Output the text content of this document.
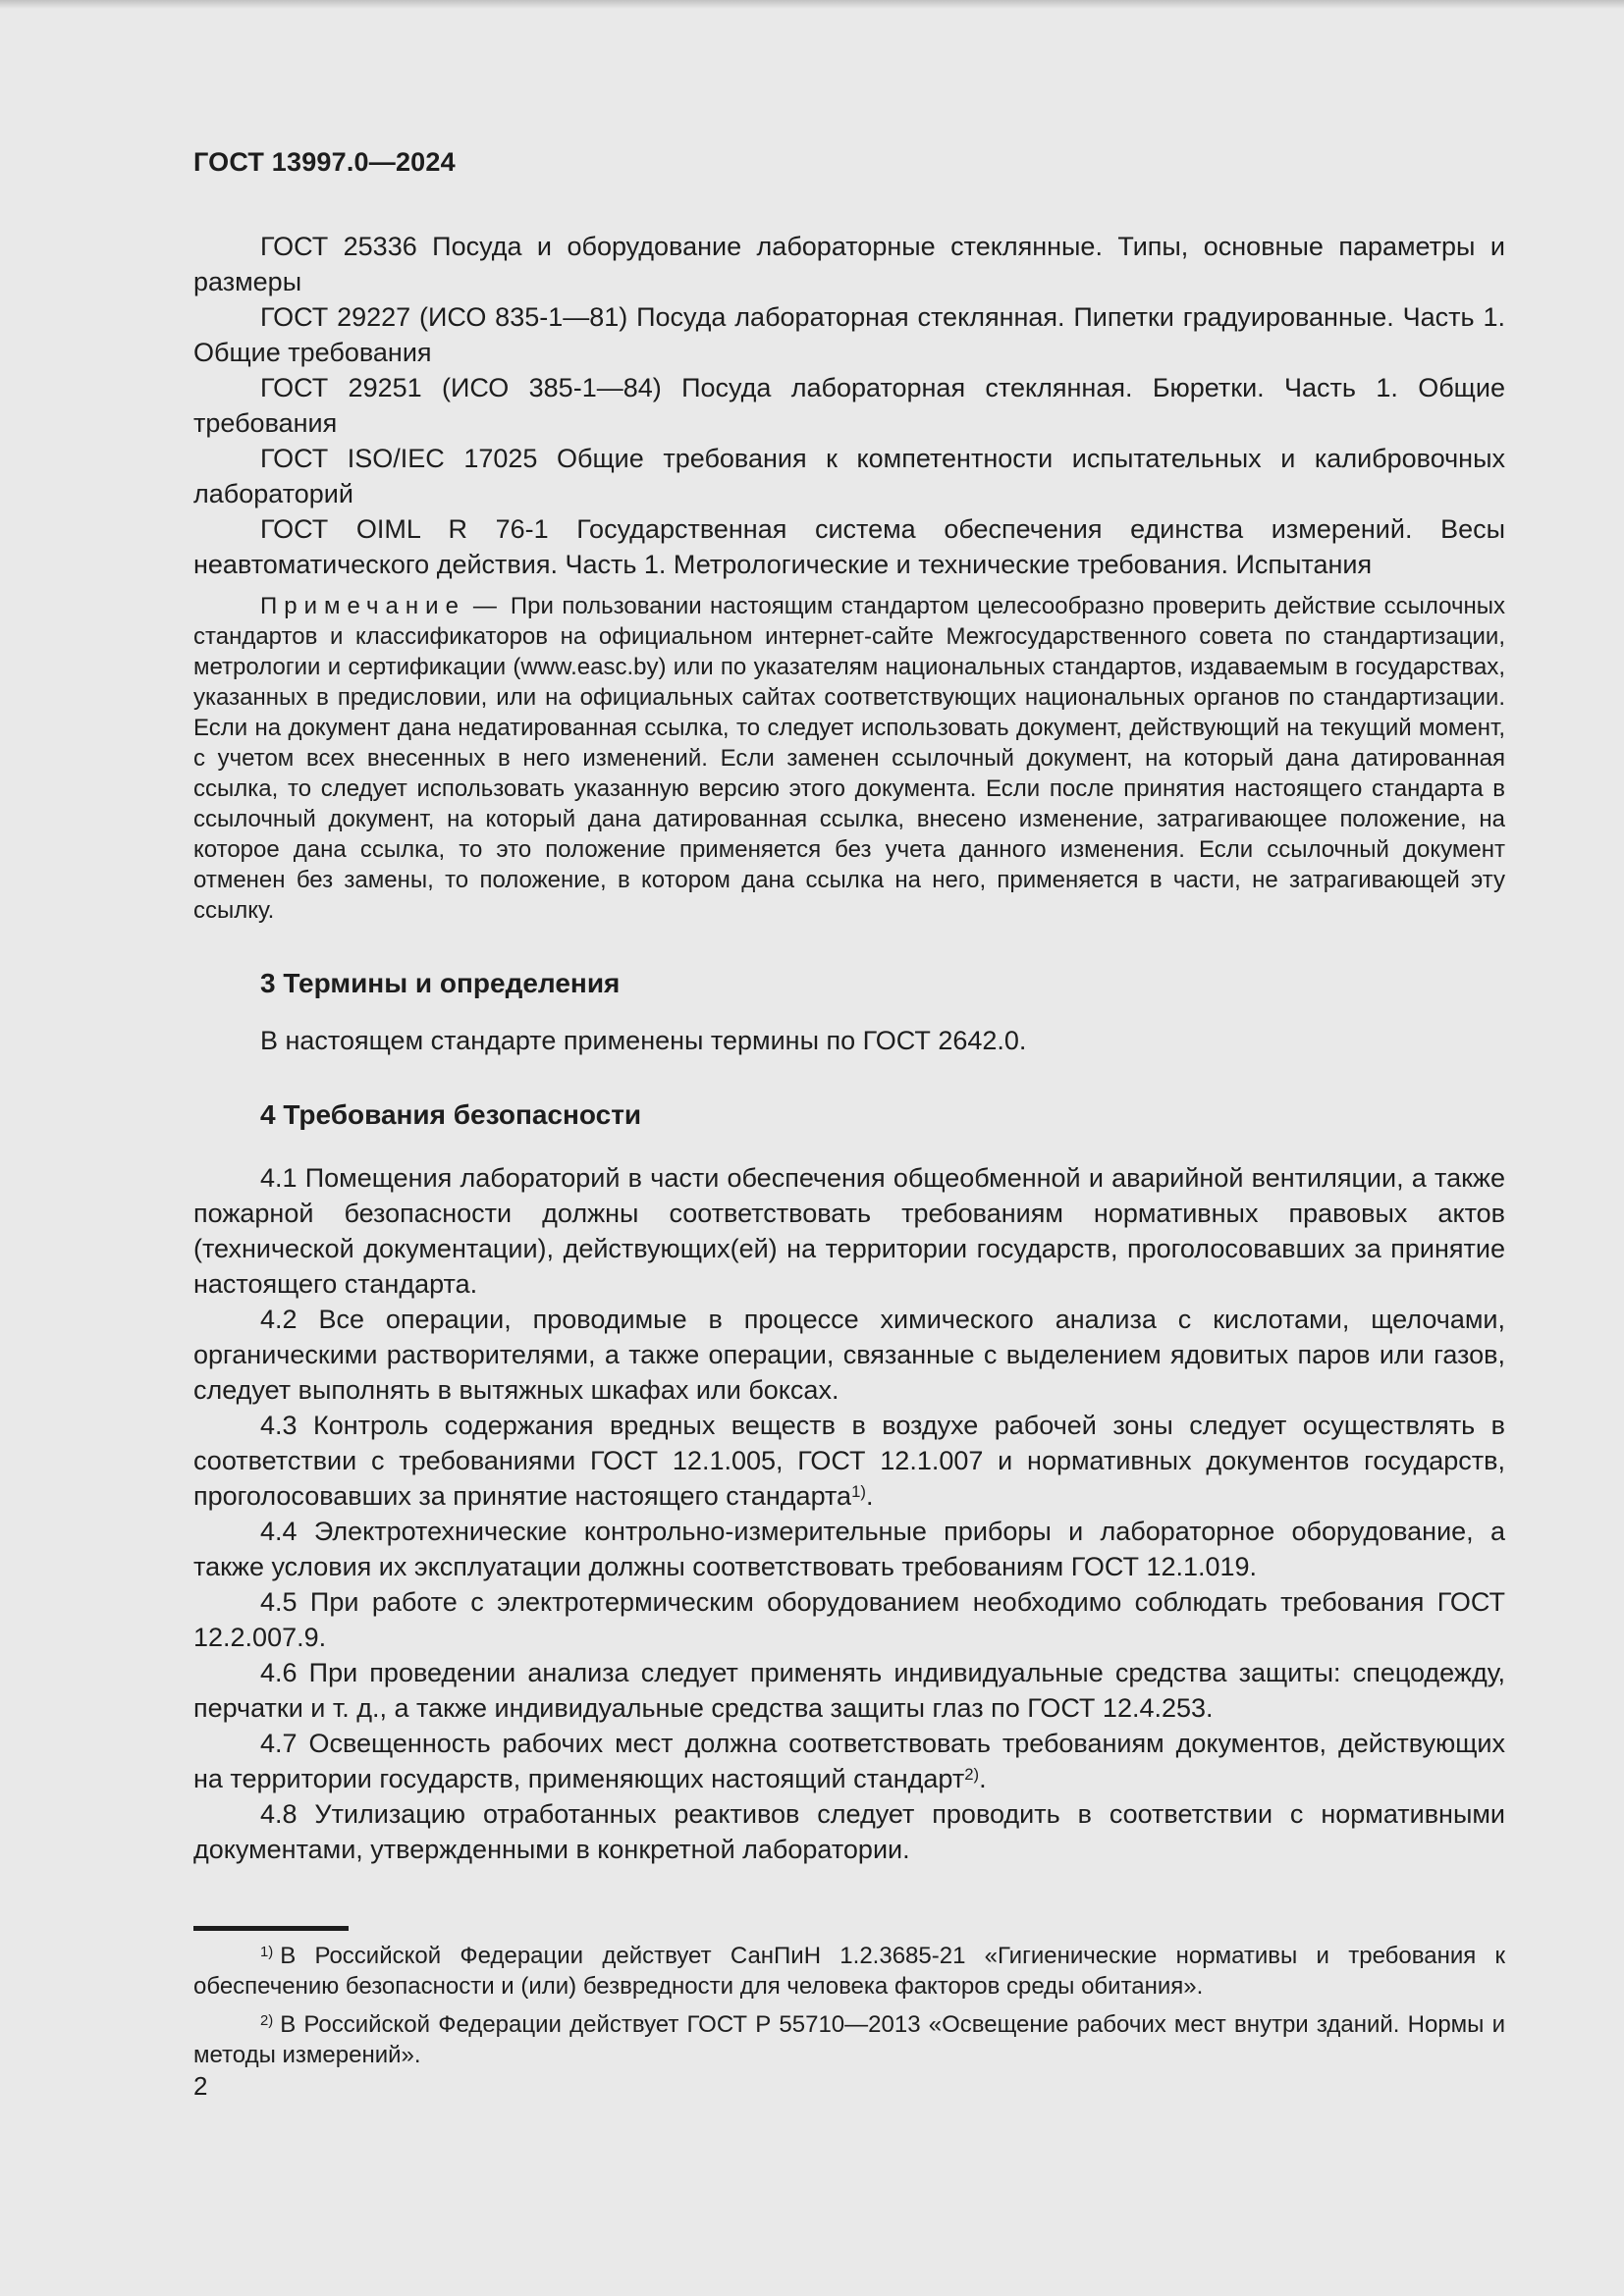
ГОСТ 13997.0—2024

ГОСТ 25336 Посуда и оборудование лабораторные стеклянные. Типы, основные параметры и размеры

ГОСТ 29227 (ИСО 835-1—81) Посуда лабораторная стеклянная. Пипетки градуированные. Часть 1. Общие требования

ГОСТ 29251 (ИСО 385-1—84) Посуда лабораторная стеклянная. Бюретки. Часть 1. Общие требования

ГОСТ ISO/IEC 17025 Общие требования к компетентности испытательных и калибровочных лабораторий

ГОСТ OIML R 76-1 Государственная система обеспечения единства измерений. Весы неавтоматического действия. Часть 1. Метрологические и технические требования. Испытания

Примечание — При пользовании настоящим стандартом целесообразно проверить действие ссылочных стандартов и классификаторов на официальном интернет-сайте Межгосударственного совета по стандартизации, метрологии и сертификации (www.easc.by) или по указателям национальных стандартов, издаваемым в государствах, указанных в предисловии, или на официальных сайтах соответствующих национальных органов по стандартизации. Если на документ дана недатированная ссылка, то следует использовать документ, действующий на текущий момент, с учетом всех внесенных в него изменений. Если заменен ссылочный документ, на который дана датированная ссылка, то следует использовать указанную версию этого документа. Если после принятия настоящего стандарта в ссылочный документ, на который дана датированная ссылка, внесено изменение, затрагивающее положение, на которое дана ссылка, то это положение применяется без учета данного изменения. Если ссылочный документ отменен без замены, то положение, в котором дана ссылка на него, применяется в части, не затрагивающей эту ссылку.

3 Термины и определения

В настоящем стандарте применены термины по ГОСТ 2642.0.

4 Требования безопасности

4.1 Помещения лабораторий в части обеспечения общеобменной и аварийной вентиляции, а также пожарной безопасности должны соответствовать требованиям нормативных правовых актов (технической документации), действующих(ей) на территории государств, проголосовавших за принятие настоящего стандарта.

4.2 Все операции, проводимые в процессе химического анализа с кислотами, щелочами, органическими растворителями, а также операции, связанные с выделением ядовитых паров или газов, следует выполнять в вытяжных шкафах или боксах.

4.3 Контроль содержания вредных веществ в воздухе рабочей зоны следует осуществлять в соответствии с требованиями ГОСТ 12.1.005, ГОСТ 12.1.007 и нормативных документов государств, проголосовавших за принятие настоящего стандарта$^{1)}$.

4.4 Электротехнические контрольно-измерительные приборы и лабораторное оборудование, а также условия их эксплуатации должны соответствовать требованиям ГОСТ 12.1.019.

4.5 При работе с электротермическим оборудованием необходимо соблюдать требования ГОСТ 12.2.007.9.

4.6 При проведении анализа следует применять индивидуальные средства защиты: спецодежду, перчатки и т. д., а также индивидуальные средства защиты глаз по ГОСТ 12.4.253.

4.7 Освещенность рабочих мест должна соответствовать требованиям документов, действующих на территории государств, применяющих настоящий стандарт$^{2)}$.

4.8 Утилизацию отработанных реактивов следует проводить в соответствии с нормативными документами, утвержденными в конкретной лаборатории.

$^{1)}$ В Российской Федерации действует СанПиН 1.2.3685-21 «Гигиенические нормативы и требования к обеспечению безопасности и (или) безвредности для человека факторов среды обитания».

$^{2)}$ В Российской Федерации действует ГОСТ Р 55710—2013 «Освещение рабочих мест внутри зданий. Нормы и методы измерений».

2
